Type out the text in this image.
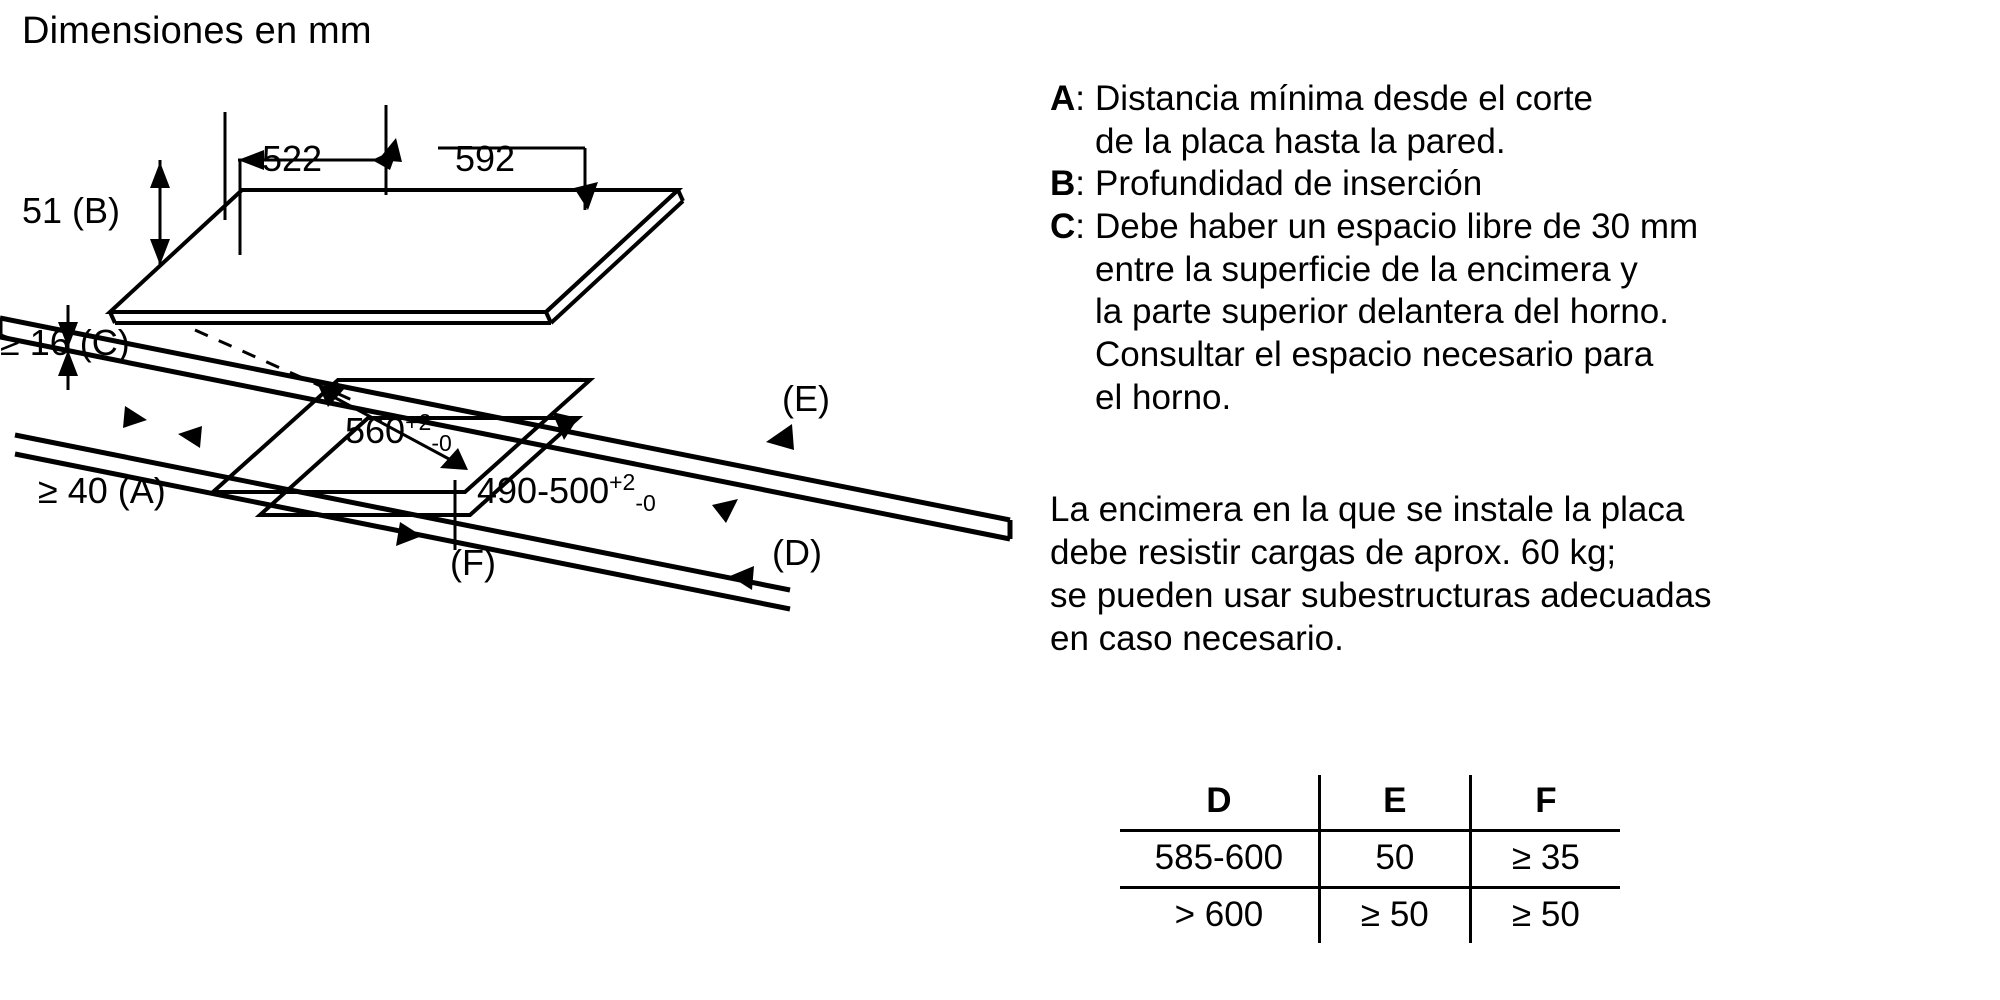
Dimensiones en mm
522	592
51 (B)
≥ 16 (C)
≥ 40 (A)
$560^{+2}_{-0}$
$490-500^{+2}_{-0}$
(E)
(D)
(F)
A : Distancia mínima desde el corte
de la placa hasta la pared.
B : Profundidad de inserción
C : Debe haber un espacio libre de 30 mm
entre la superficie de la encimera y
la parte superior delantera del horno.
Consultar el espacio necesario para
el horno.
La encimera en la que se instale la placa
debe resistir cargas de aprox. 60 kg;
se pueden usar subestructuras adecuadas
en caso necesario.
D	E	F
585-600	50	≥ 35
> 600	≥ 50	≥ 50
